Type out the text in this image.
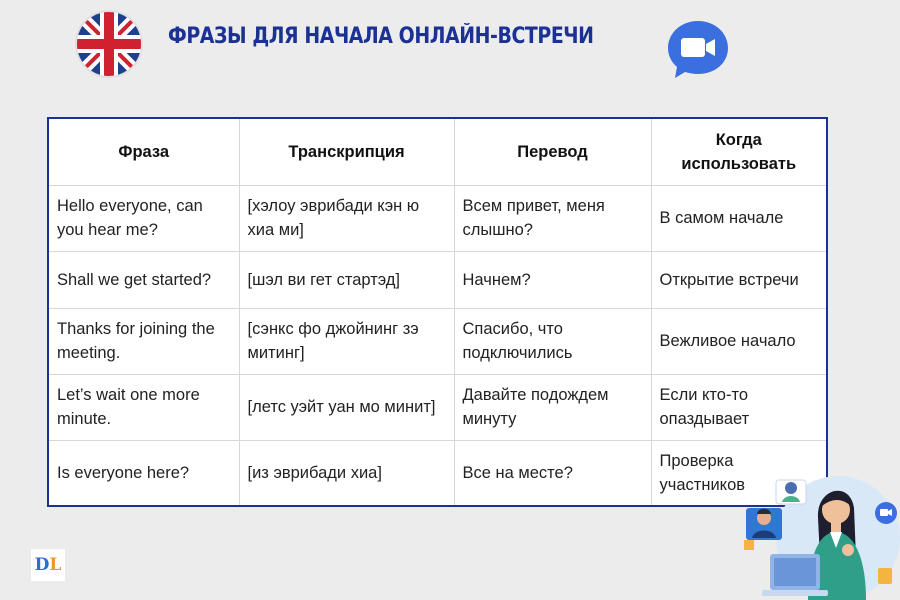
ФРАЗЫ ДЛЯ НАЧАЛА ОНЛАЙН-ВСТРЕЧИ
Фраза	Транскрипция	Перевод	Когда использовать
Hello everyone, can you hear me?	[хэлоу эврибади кэн ю хиа ми]	Всем привет, меня слышно?	В самом начале
Shall we get started?	[шэл ви гет стартэд]	Начнем?	Открытие встречи
Thanks for joining the meeting.	[сэнкс фо джойнинг зэ митинг]	Спасибо, что подключились	Вежливое начало
Let’s wait one more minute.	[летс уэйт уан мо минит]	Давайте подождем минуту	Если кто-то опаздывает
Is everyone here?	[из эврибади хиа]	Все на месте?	Проверка участников
D L
